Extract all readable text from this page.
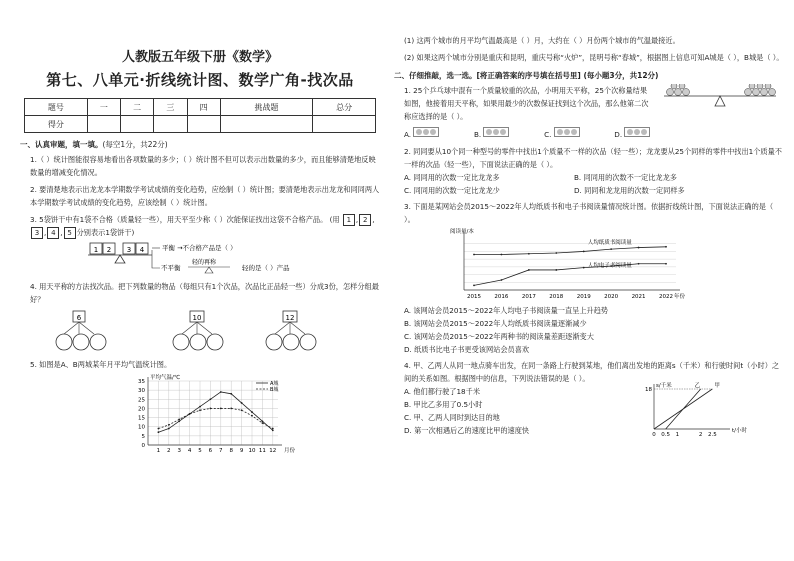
人教版五年级下册《数学》
第七、八单元·折线统计图、数学广角-找次品
题号	一	二	三	四	挑战题	总分
得分						
一、认真审题，填一填。(每空1分，共22分)
1.（ ）统计图能很容易地看出各项数量的多少；（ ）统计图不但可以表示出数量的多少，而且能够清楚地反映数量的增减变化情况。
2. 要清楚地表示出龙龙本学期数学考试成绩的变化趋势，应绘制（ ）统计图；要清楚地表示出龙龙和同同两人本学期数学考试成绩的变化趋势，应该绘制（ ）统计图。
3. 5袋饼干中有1袋不合格（质量轻一些），用天平至少称（ ）次能保证找出这袋不合格产品。 (用 1 , 2 ,3 , 4 , 5 分别表示1袋饼干)
1 2 3 4	平衡 →不合格产品是（ ）
不平衡
轻的再称
轻的是（ ）产品
4. 用天平称的方法找次品。把下列数量的物品（每组只有1个次品，次品比正品轻一些）分成3份，怎样分组最好？
6	10	12
5. 如图是A、B两城某年月平均气温统计图。
0
5
10
15
20
25
30
35
1 2 3 4 5 6 7 8 9 10 11 12
平均气温/℃
月份
A城
B城
(1) 这两个城市的月平均气温最高是（ ）月，大约在（ ）月份两个城市的气温最接近。
(2) 如果这两个城市分别是重庆和昆明，重庆号称“火炉”，昆明号称“春城”，根据图上信息可知A城是（ ），B城是（ ）。
二、仔细推敲，选一选。[将正确答案的序号填在括号里] (每小题3分，共12分)
1. 25个乒乓球中混有一个质量较重的次品，小明用天平称，25个次称量结果如图，他接着用天平称，如果用最少的次数保证找到这个次品，那么他第二次称应选择的是（ ）。
A.	B.	C.	D.
2. 同同要从10个同一种型号的零件中找出1个质量不一样的次品（轻一些）；龙龙要从25个同样的零件中找出1个质量不一样的次品（轻一些），下面说法正确的是（ ）。
A. 同同用的次数一定比龙龙多	B. 同同用的次数不一定比龙龙多
C. 同同用的次数一定比龙龙少	D. 同同和龙龙用的次数一定同样多
3. 下面是某网站会员2015～2022年人均纸质书和电子书阅读量情况统计图。依据折线统计图，下面说法正确的是（ ）。
阅读量/本
年份
2015 2016 2017 2018 2019 2020 2021 2022
人均纸质书阅读量
人均电子书阅读量
A. 该网站会员2015～2022年人均电子书阅读量一直呈上升趋势
B. 该网站会员2015～2022年人均纸质书阅读量逐渐减少
C. 该网站会员2015～2022年两种书的阅读量差距逐渐变大
D. 纸质书比电子书更受该网站会员喜欢
4. 甲、乙两人从同一地点骑车出发，在同一条路上行驶到某地，他们离出发地的距离s（千米）和行驶时间t（小时）之间的关系如图。根据图中的信息，下列说法错误的是（ ）。
A. 他们都行驶了18千米
B. 甲比乙多用了0.5小时
C. 甲、乙两人同时到达目的地
D. 第一次相遇后乙的速度比甲的速度快
s/千米
t/小时
18
0 0.5 1	2 2.5
甲
乙
